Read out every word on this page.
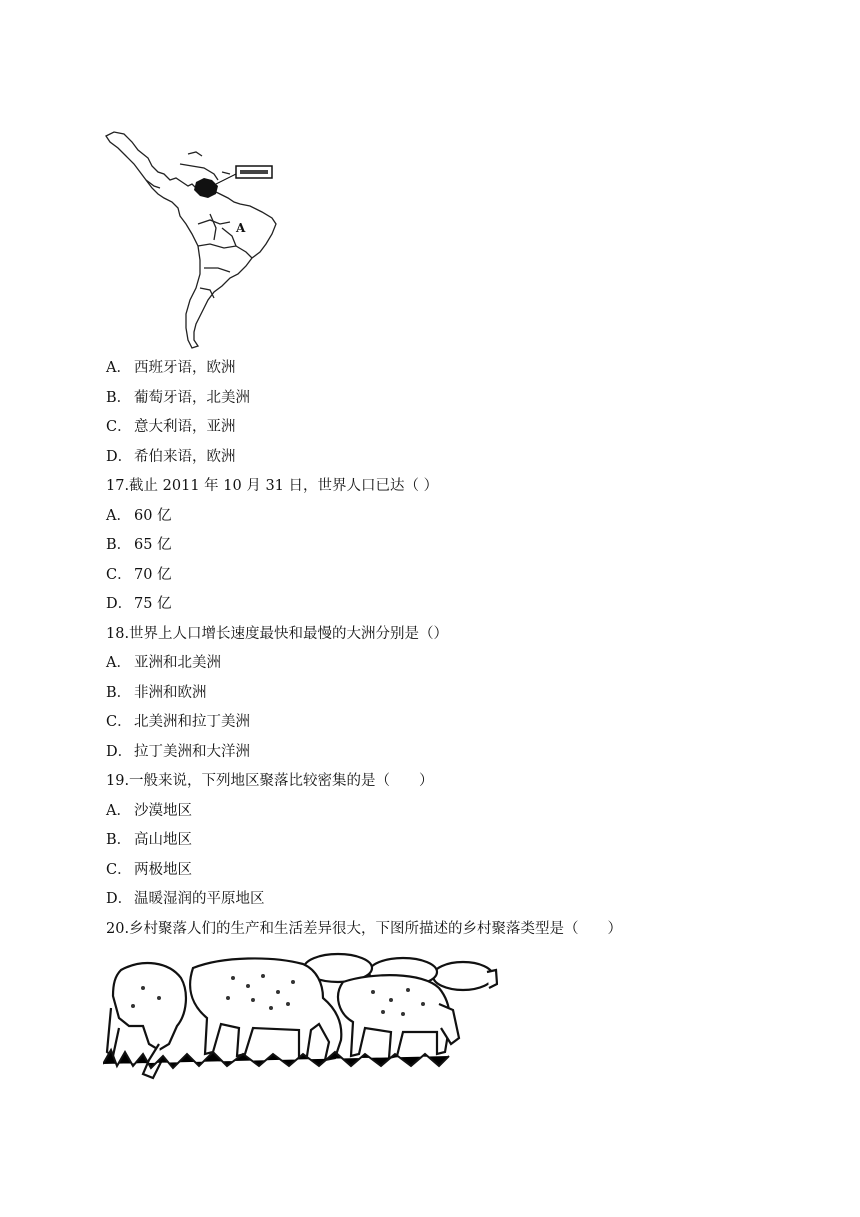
A
A． 西班牙语，欧洲
B． 葡萄牙语，北美洲
C． 意大利语，亚洲
D． 希伯来语，欧洲
17.截止 2011 年 10 月 31 日，世界人口已达（ ）
A． 60 亿
B． 65 亿
C． 70 亿
D． 75 亿
18.世界上人口增长速度最快和最慢的大洲分别是（）
A． 亚洲和北美洲
B． 非洲和欧洲
C． 北美洲和拉丁美洲
D． 拉丁美洲和大洋洲
19.一般来说，下列地区聚落比较密集的是（　　）
A． 沙漠地区
B． 高山地区
C． 两极地区
D． 温暖湿润的平原地区
20.乡村聚落人们的生产和生活差异很大，下图所描述的乡村聚落类型是（　　）
